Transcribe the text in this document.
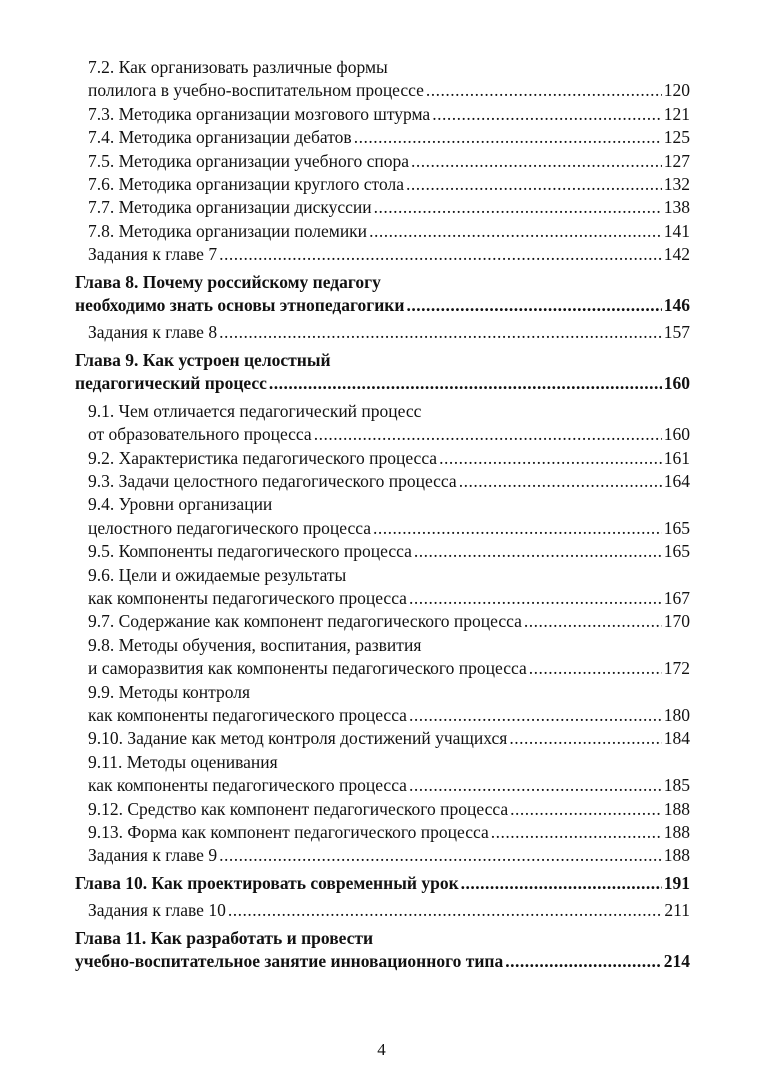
7.2. Как организовать различные формы
полилога в учебно-воспитательном процессе .....	120
7.3. Методика организации мозгового штурма .....	121
7.4. Методика организации дебатов .....	125
7.5. Методика организации учебного спора .....	127
7.6. Методика организации круглого стола .....	132
7.7. Методика организации дискуссии .....	138
7.8. Методика организации полемики .....	141
Задания к главе 7 .....	142
Глава 8. Почему российскому педагогу
необходимо знать основы этнопедагогики .....	146
Задания к главе 8 .....	157
Глава 9. Как устроен целостный
педагогический процесс .....	160
9.1. Чем отличается педагогический процесс
от образовательного процесса .....	160
9.2. Характеристика педагогического процесса .....	161
9.3. Задачи целостного педагогического процесса .....	164
9.4. Уровни организации
целостного педагогического процесса .....	165
9.5. Компоненты педагогического процесса .....	165
9.6. Цели и ожидаемые результаты
как компоненты педагогического процесса .....	167
9.7. Содержание как компонент педагогического процесса .....	170
9.8. Методы обучения, воспитания, развития
и саморазвития как компоненты педагогического процесса .....	172
9.9. Методы контроля
как компоненты педагогического процесса .....	180
9.10. Задание как метод контроля достижений учащихся .....	184
9.11. Методы оценивания
как компоненты педагогического процесса .....	185
9.12. Средство как компонент педагогического процесса .....	188
9.13. Форма как компонент педагогического процесса .....	188
Задания к главе 9 .....	188
Глава 10. Как проектировать современный урок .....	191
Задания к главе 10 .....	211
Глава 11. Как разработать и провести
учебно-воспитательное занятие инновационного типа .....	214
4
